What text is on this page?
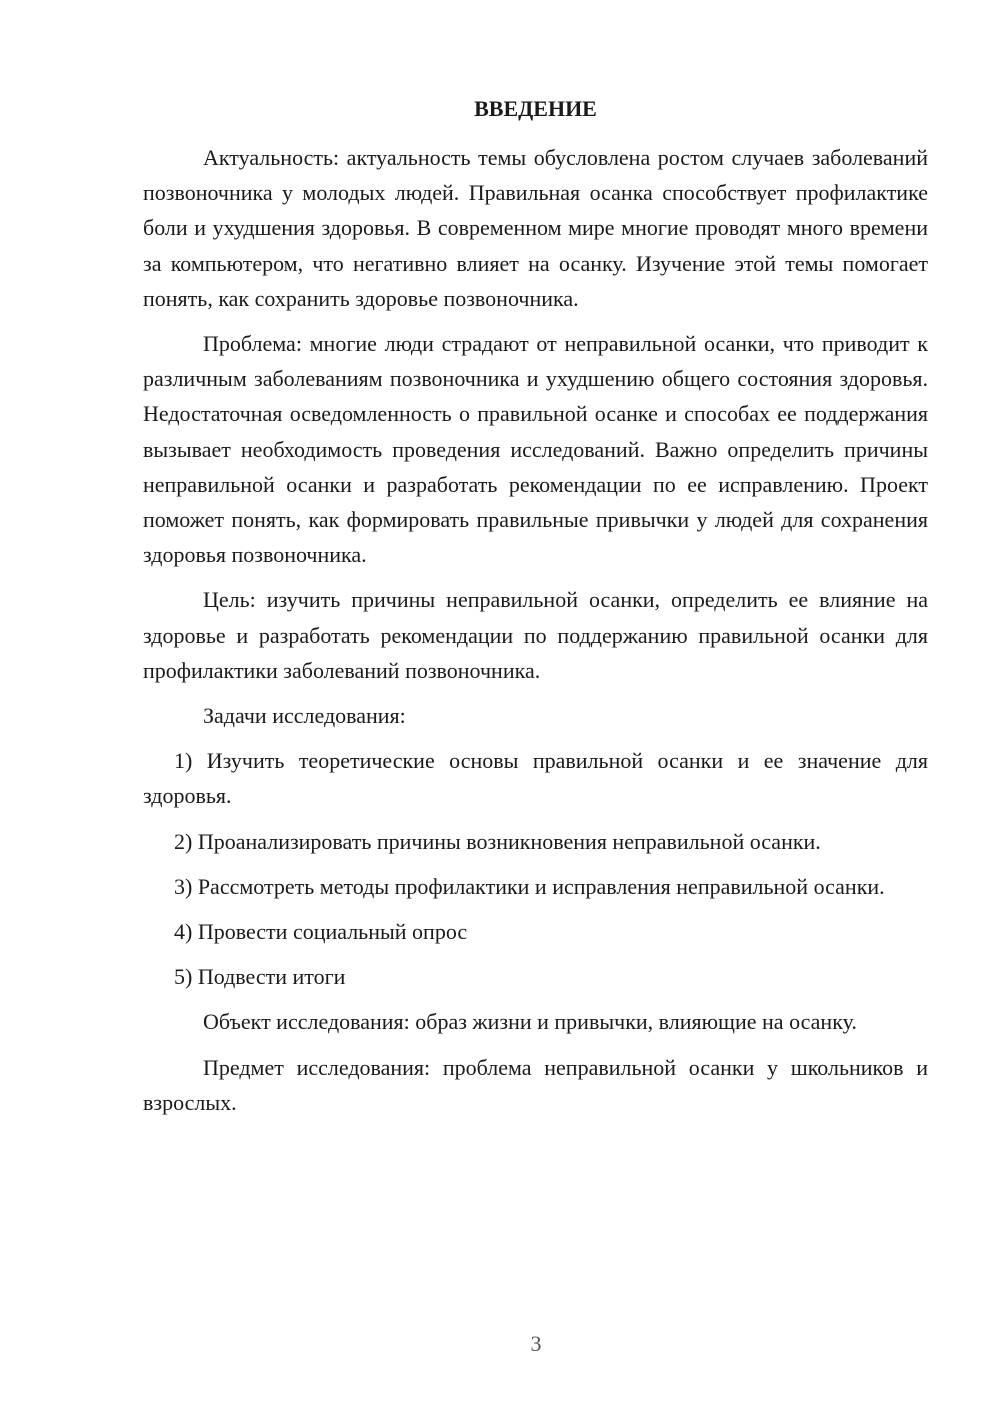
ВВЕДЕНИЕ

Актуальность: актуальность темы обусловлена ростом случаев заболеваний позвоночника у молодых людей. Правильная осанка способствует профилактике боли и ухудшения здоровья. В современном мире многие проводят много времени за компьютером, что негативно влияет на осанку. Изучение этой темы помогает понять, как сохранить здоровье позвоночника.

Проблема: многие люди страдают от неправильной осанки, что приводит к различным заболеваниям позвоночника и ухудшению общего состояния здоровья. Недостаточная осведомленность о правильной осанке и способах ее поддержания вызывает необходимость проведения исследований. Важно определить причины неправильной осанки и разработать рекомендации по ее исправлению. Проект поможет понять, как формировать правильные привычки у людей для сохранения здоровья позвоночника.

Цель: изучить причины неправильной осанки, определить ее влияние на здоровье и разработать рекомендации по поддержанию правильной осанки для профилактики заболеваний позвоночника.

Задачи исследования:

1) Изучить теоретические основы правильной осанки и ее значение для здоровья.

2) Проанализировать причины возникновения неправильной осанки.

3) Рассмотреть методы профилактики и исправления неправильной осанки.

4) Провести социальный опрос

5) Подвести итоги

Объект исследования: образ жизни и привычки, влияющие на осанку.

Предмет исследования: проблема неправильной осанки у школьников и взрослых.

3
